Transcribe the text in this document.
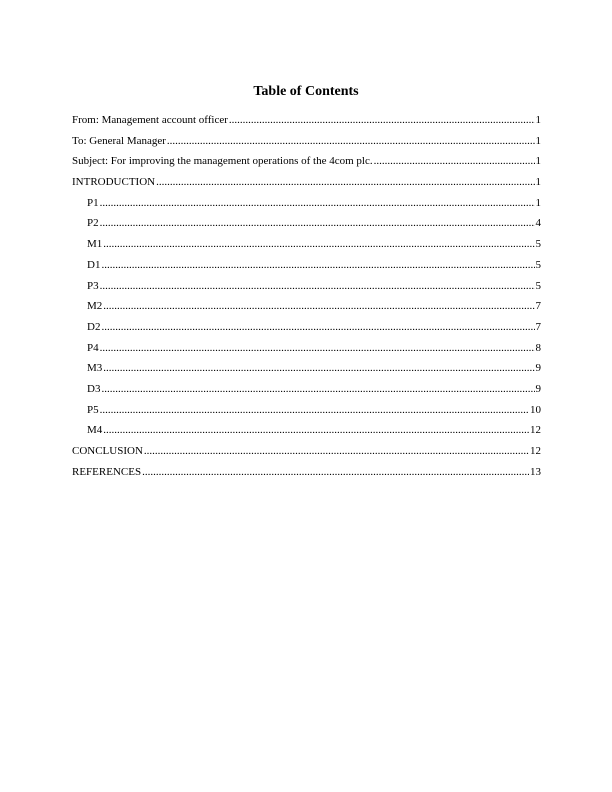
Table of Contents
From: Management account officer .....	1
To: General Manager .....	1
Subject: For improving the management operations of the 4com plc. .....	1
INTRODUCTION .....	1
P1 .....	1
P2 .....	4
M1 .....	5
D1 .....	5
P3 .....	5
M2 .....	7
D2 .....	7
P4 .....	8
M3 .....	9
D3 .....	9
P5 .....	10
M4 .....	12
CONCLUSION .....	12
REFERENCES .....	13
